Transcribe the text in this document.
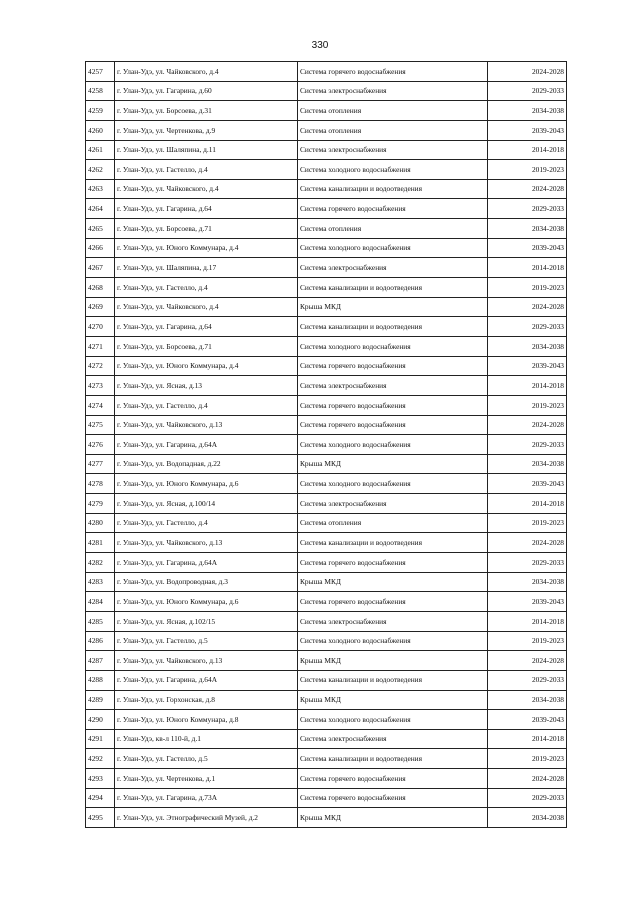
330
4257	г. Улан-Удэ, ул. Чайковского, д.4	Система горячего водоснабжения	2024-2028
4258	г. Улан-Удэ, ул. Гагарина, д.60	Система электроснабжения	2029-2033
4259	г. Улан-Удэ, ул. Борсоева, д.31	Система отопления	2034-2038
4260	г. Улан-Удэ, ул. Чертенкова, д.9	Система отопления	2039-2043
4261	г. Улан-Удэ, ул. Шаляпина, д.11	Система электроснабжения	2014-2018
4262	г. Улан-Удэ, ул. Гастелло, д.4	Система холодного водоснабжения	2019-2023
4263	г. Улан-Удэ, ул. Чайковского, д.4	Система канализации и водоотведения	2024-2028
4264	г. Улан-Удэ, ул. Гагарина, д.64	Система горячего водоснабжения	2029-2033
4265	г. Улан-Удэ, ул. Борсоева, д.71	Система отопления	2034-2038
4266	г. Улан-Удэ, ул. Юного Коммунара, д.4	Система холодного водоснабжения	2039-2043
4267	г. Улан-Удэ, ул. Шаляпина, д.17	Система электроснабжения	2014-2018
4268	г. Улан-Удэ, ул. Гастелло, д.4	Система канализации и водоотведения	2019-2023
4269	г. Улан-Удэ, ул. Чайковского, д.4	Крыша МКД	2024-2028
4270	г. Улан-Удэ, ул. Гагарина, д.64	Система канализации и водоотведения	2029-2033
4271	г. Улан-Удэ, ул. Борсоева, д.71	Система холодного водоснабжения	2034-2038
4272	г. Улан-Удэ, ул. Юного Коммунара, д.4	Система горячего водоснабжения	2039-2043
4273	г. Улан-Удэ, ул. Ясная, д.13	Система электроснабжения	2014-2018
4274	г. Улан-Удэ, ул. Гастелло, д.4	Система горячего водоснабжения	2019-2023
4275	г. Улан-Удэ, ул. Чайковского, д.13	Система горячего водоснабжения	2024-2028
4276	г. Улан-Удэ, ул. Гагарина, д.64А	Система холодного водоснабжения	2029-2033
4277	г. Улан-Удэ, ул. Водопадная, д.22	Крыша МКД	2034-2038
4278	г. Улан-Удэ, ул. Юного Коммунара, д.6	Система холодного водоснабжения	2039-2043
4279	г. Улан-Удэ, ул. Ясная, д.100/14	Система электроснабжения	2014-2018
4280	г. Улан-Удэ, ул. Гастелло, д.4	Система отопления	2019-2023
4281	г. Улан-Удэ, ул. Чайковского, д.13	Система канализации и водоотведения	2024-2028
4282	г. Улан-Удэ, ул. Гагарина, д.64А	Система горячего водоснабжения	2029-2033
4283	г. Улан-Удэ, ул. Водопроводная, д.3	Крыша МКД	2034-2038
4284	г. Улан-Удэ, ул. Юного Коммунара, д.6	Система горячего водоснабжения	2039-2043
4285	г. Улан-Удэ, ул. Ясная, д.102/15	Система электроснабжения	2014-2018
4286	г. Улан-Удэ, ул. Гастелло, д.5	Система холодного водоснабжения	2019-2023
4287	г. Улан-Удэ, ул. Чайковского, д.13	Крыша МКД	2024-2028
4288	г. Улан-Удэ, ул. Гагарина, д.64А	Система канализации и водоотведения	2029-2033
4289	г. Улан-Удэ, ул. Горхонская, д.8	Крыша МКД	2034-2038
4290	г. Улан-Удэ, ул. Юного Коммунара, д.8	Система холодного водоснабжения	2039-2043
4291	г. Улан-Удэ, кв-л 110-й, д.1	Система электроснабжения	2014-2018
4292	г. Улан-Удэ, ул. Гастелло, д.5	Система канализации и водоотведения	2019-2023
4293	г. Улан-Удэ, ул. Чертенкова, д.1	Система горячего водоснабжения	2024-2028
4294	г. Улан-Удэ, ул. Гагарина, д.73А	Система горячего водоснабжения	2029-2033
4295	г. Улан-Удэ, ул. Этнографический Музей, д.2	Крыша МКД	2034-2038
